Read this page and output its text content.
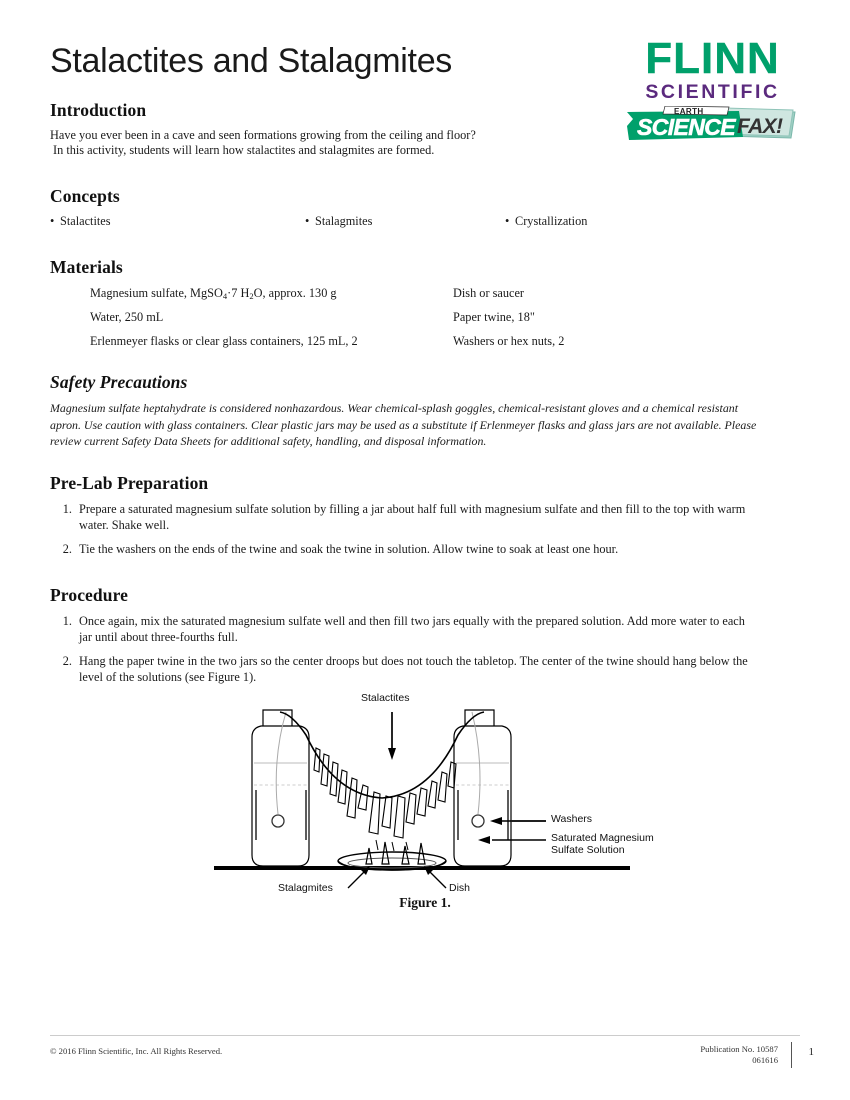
Stalactites and Stalagmites	FLINN
SCIENTIFIC
EARTH
SCIENCE FAX!
Introduction
Have you ever been in a cave and seen formations growing from the ceiling and floor?
In this activity, students will learn how stalactites and stalagmites are formed.
Concepts
• Stalactites	• Stalagmites	• Crystallization
Materials
Magnesium sulfate, MgSO$_4$·7 $H_2O$, approx. 130 g	Dish or saucer
Water, 250 mL	Paper twine, 18"
Erlenmeyer flasks or clear glass containers, 125 mL, 2	Washers or hex nuts, 2
Safety Precautions
Magnesium sulfate heptahydrate is considered nonhazardous. Wear chemical-splash goggles, chemical-resistant gloves and a chemical resistant apron. Use caution with glass containers. Clear plastic jars may be used as a substitute if Erlenmeyer flasks and glass jars are not available. Please review current Safety Data Sheets for additional safety, handling, and disposal information.
Pre-Lab Preparation
1. Prepare a saturated magnesium sulfate solution by filling a jar about half full with magnesium sulfate and then fill to the top with warm water. Shake well.
2. Tie the washers on the ends of the twine and soak the twine in solution. Allow twine to soak at least one hour.
Procedure
1. Once again, mix the saturated magnesium sulfate well and then fill two jars equally with the prepared solution. Add more water to each jar until about three-fourths full.
2. Hang the paper twine in the two jars so the center droops but does not touch the tabletop. The center of the twine should hang below the level of the solutions (see Figure 1).
Stalactites
Washers
Saturated Magnesium
Sulfate Solution
Stalagmites	Dish
Figure 1.
© 2016 Flinn Scientific, Inc. All Rights Reserved.	Publication No. 10587
061616
1
